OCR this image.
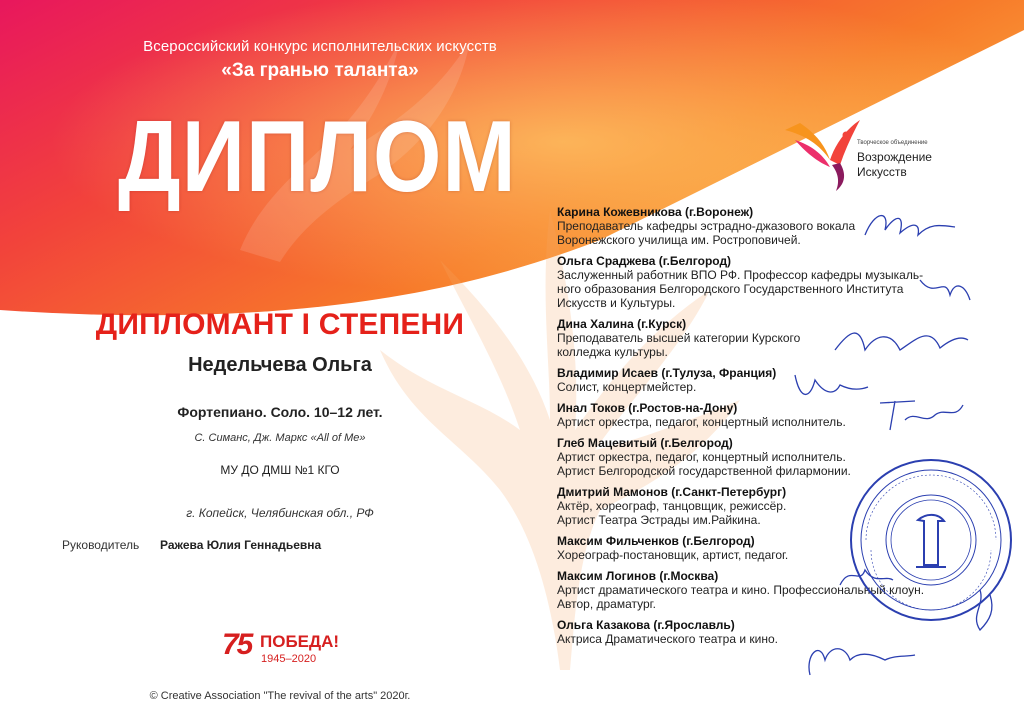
Всероссийский конкурс исполнительских искусств
«За гранью таланта»
ДИПЛОМ	Творческое объединение
Возрождение
Искусств
ДИПЛОМАНТ I СТЕПЕНИ
Недельчева Ольга
Фортепиано. Соло. 10–12 лет.
С. Симанс, Дж. Маркс «All of Me»
МУ ДО ДМШ №1 КГО
г. Копейск, Челябинская обл., РФ
Руководитель Ражева Юлия Геннадьевна
75 ПОБЕДА!
1945–2020
© Creative Association "The revival of the arts" 2020г.
Карина Кожевникова (г.Воронеж)
Преподаватель кафедры эстрадно-джазового вокала
Воронежского училища им. Ростроповичей.
Ольга Сраджева (г.Белгород)
Заслуженный работник ВПО РФ. Профессор кафедры музыкаль-
ного образования Белгородского Государственного Института
Искусств и Культуры.
Дина Халина (г.Курск)
Преподаватель высшей категории Курского
колледжа культуры.
Владимир Исаев (г.Тулуза, Франция)
Солист, концертмейстер.
Инал Токов (г.Ростов-на-Дону)
Артист оркестра, педагог, концертный исполнитель.
Глеб Мацевитый (г.Белгород)
Артист оркестра, педагог, концертный исполнитель.
Артист Белгородской государственной филармонии.
Дмитрий Мамонов (г.Санкт-Петербург)
Актёр, хореограф, танцовщик, режиссёр.
Артист Театра Эстрады им.Райкина.
Максим Фильченков (г.Белгород)
Хореограф-постановщик, артист, педагог.
Максим Логинов (г.Москва)
Артист драматического театра и кино. Профессиональный клоун.
Автор, драматург.
Ольга Казакова (г.Ярославль)
Актриса Драматического театра и кино.
